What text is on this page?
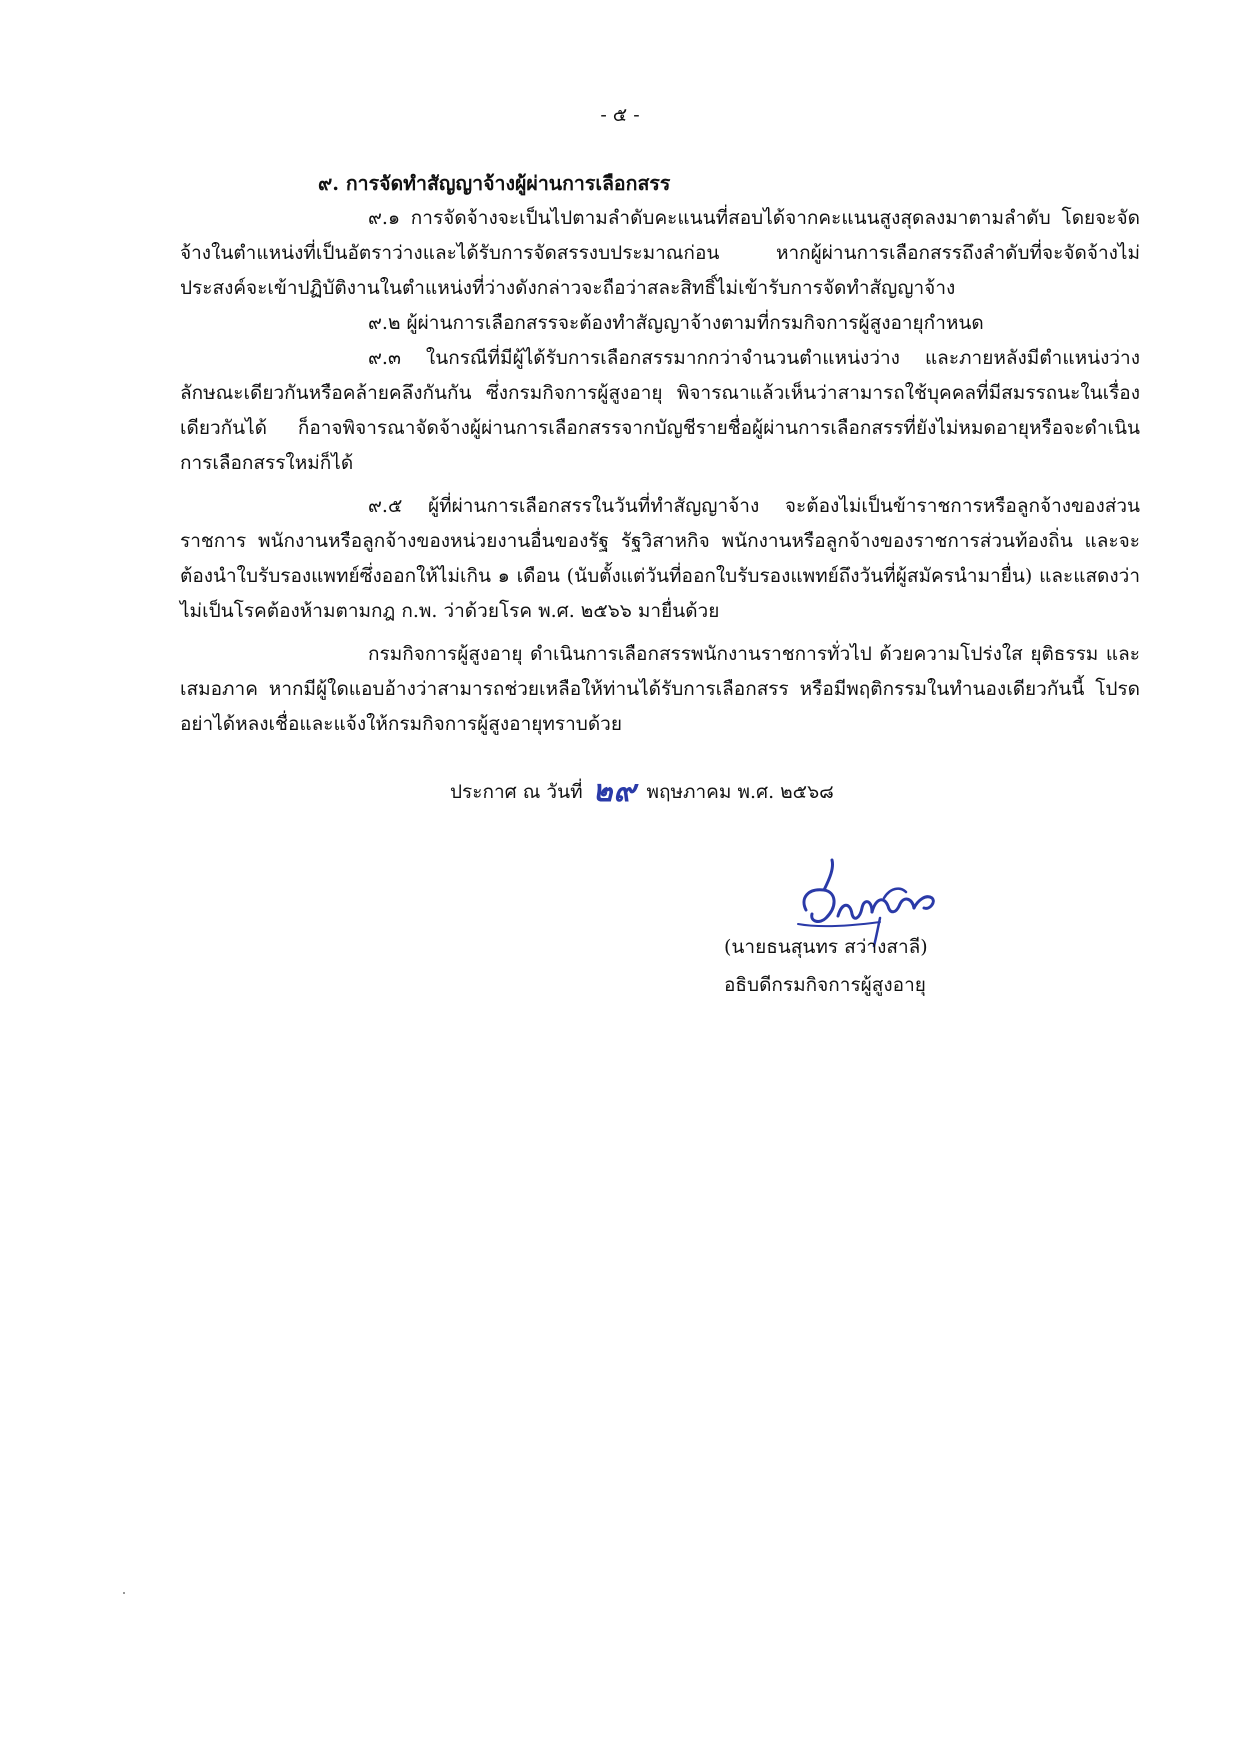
- ๕ -
๙. การจัดทำสัญญาจ้างผู้ผ่านการเลือกสรร

๙.๑ การจัดจ้างจะเป็นไปตามลำดับคะแนนที่สอบได้จากคะแนนสูงสุดลงมาตามลำดับ โดยจะจัดจ้างในตำแหน่งที่เป็นอัตราว่างและได้รับการจัดสรรงบประมาณก่อน หากผู้ผ่านการเลือกสรรถึงลำดับที่จะจัดจ้างไม่ประสงค์จะเข้าปฏิบัติงานในตำแหน่งที่ว่างดังกล่าวจะถือว่าสละสิทธิ์ไม่เข้ารับการจัดทำสัญญาจ้าง

๙.๒ ผู้ผ่านการเลือกสรรจะต้องทำสัญญาจ้างตามที่กรมกิจการผู้สูงอายุกำหนด

๙.๓ ในกรณีที่มีผู้ได้รับการเลือกสรรมากกว่าจำนวนตำแหน่งว่าง และภายหลังมีตำแหน่งว่างลักษณะเดียวกันหรือคล้ายคลึงกันกัน ซึ่งกรมกิจการผู้สูงอายุ พิจารณาแล้วเห็นว่าสามารถใช้บุคคลที่มีสมรรถนะในเรื่องเดียวกันได้ ก็อาจพิจารณาจัดจ้างผู้ผ่านการเลือกสรรจากบัญชีรายชื่อผู้ผ่านการเลือกสรรที่ยังไม่หมดอายุหรือจะดำเนินการเลือกสรรใหม่ก็ได้

๙.๕ ผู้ที่ผ่านการเลือกสรรในวันที่ทำสัญญาจ้าง จะต้องไม่เป็นข้าราชการหรือลูกจ้างของส่วนราชการ พนักงานหรือลูกจ้างของหน่วยงานอื่นของรัฐ รัฐวิสาหกิจ พนักงานหรือลูกจ้างของราชการส่วนท้องถิ่น และจะต้องนำใบรับรองแพทย์ซึ่งออกให้ไม่เกิน ๑ เดือน (นับตั้งแต่วันที่ออกใบรับรองแพทย์ถึงวันที่ผู้สมัครนำมายื่น) และแสดงว่าไม่เป็นโรคต้องห้ามตามกฎ ก.พ. ว่าด้วยโรค พ.ศ. ๒๕๖๖ มายื่นด้วย

กรมกิจการผู้สูงอายุ ดำเนินการเลือกสรรพนักงานราชการทั่วไป ด้วยความโปร่งใส ยุติธรรม และเสมอภาค หากมีผู้ใดแอบอ้างว่าสามารถช่วยเหลือให้ท่านได้รับการเลือกสรร หรือมีพฤติกรรมในทำนองเดียวกันนี้ โปรดอย่าได้หลงเชื่อและแจ้งให้กรมกิจการผู้สูงอายุทราบด้วย

ประกาศ ณ วันที่ ๒๙ พฤษภาคม พ.ศ. ๒๕๖๘
(นายธนสุนทร สว่างสาลี)
อธิบดีกรมกิจการผู้สูงอายุ
